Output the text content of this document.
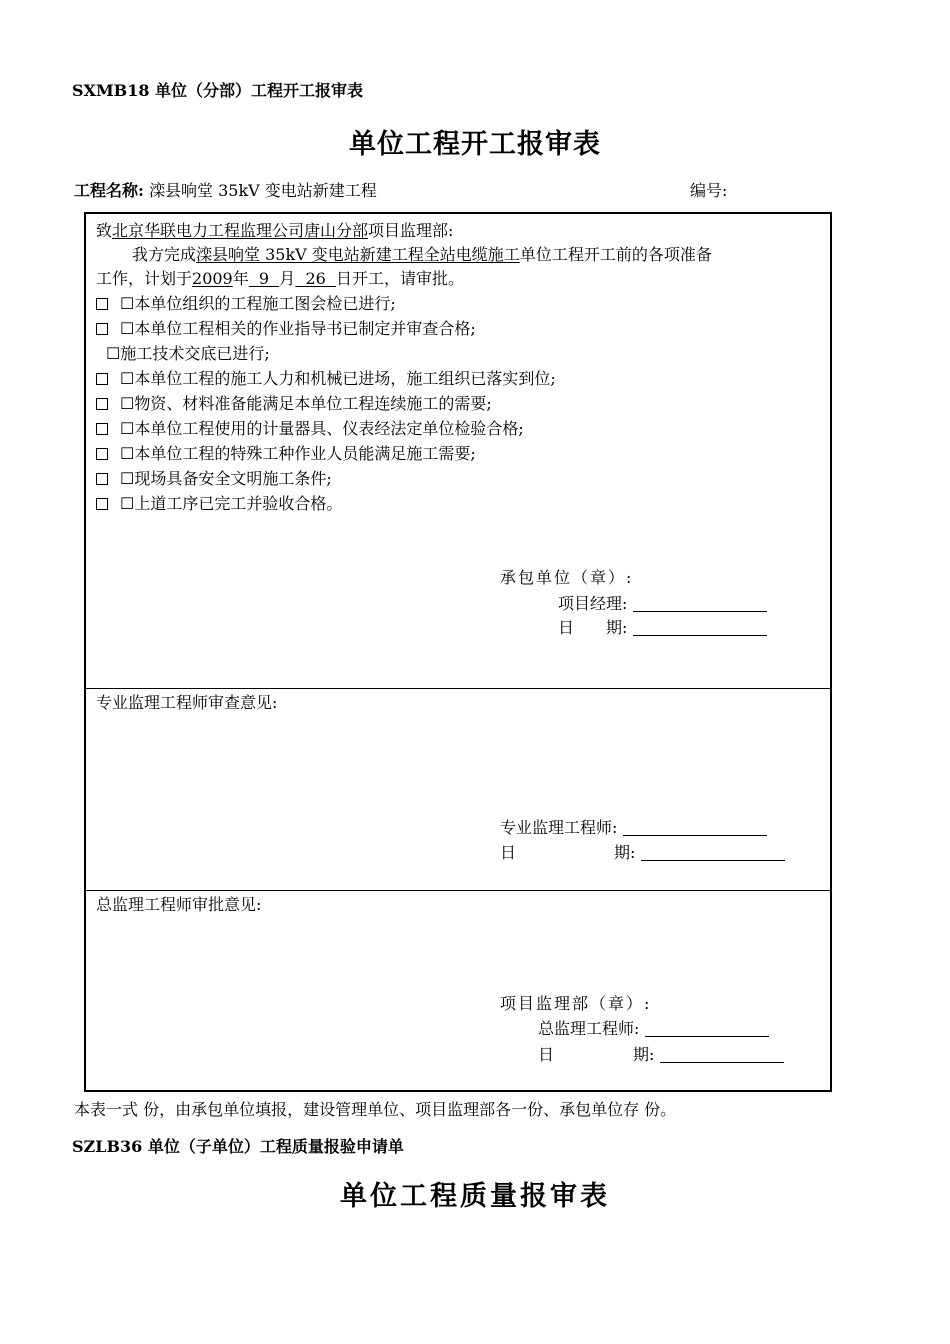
SXMB18 单位（分部）工程开工报审表
单位工程开工报审表
工程名称: 滦县响堂 35kV 变电站新建工程	编号:
致北京华联电力工程监理公司唐山分部项目监理部:
我方完成滦县响堂 35kV 变电站新建工程全站电缆施工单位工程开工前的各项准备
工作，计划于2009年 9 月 26 日开工，请审批。
☐本单位组织的工程施工图会检已进行;
☐本单位工程相关的作业指导书已制定并审查合格;
☐施工技术交底已进行;
☐本单位工程的施工人力和机械已进场，施工组织已落实到位;
☐物资、材料准备能满足本单位工程连续施工的需要;
☐本单位工程使用的计量器具、仪表经法定单位检验合格;
☐本单位工程的特殊工种作业人员能满足施工需要;
☐现场具备安全文明施工条件;
☐上道工序已完工并验收合格。
承包单位（章）:
项目经理:
日　　期:
专业监理工程师审查意见:
专业监理工程师:
日	期:
总监理工程师审批意见:
项目监理部（章）:
总监理工程师:
日	期:
本表一式 份，由承包单位填报，建设管理单位、项目监理部各一份、承包单位存 份。
SZLB36 单位（子单位）工程质量报验申请单
单位工程质量报审表
